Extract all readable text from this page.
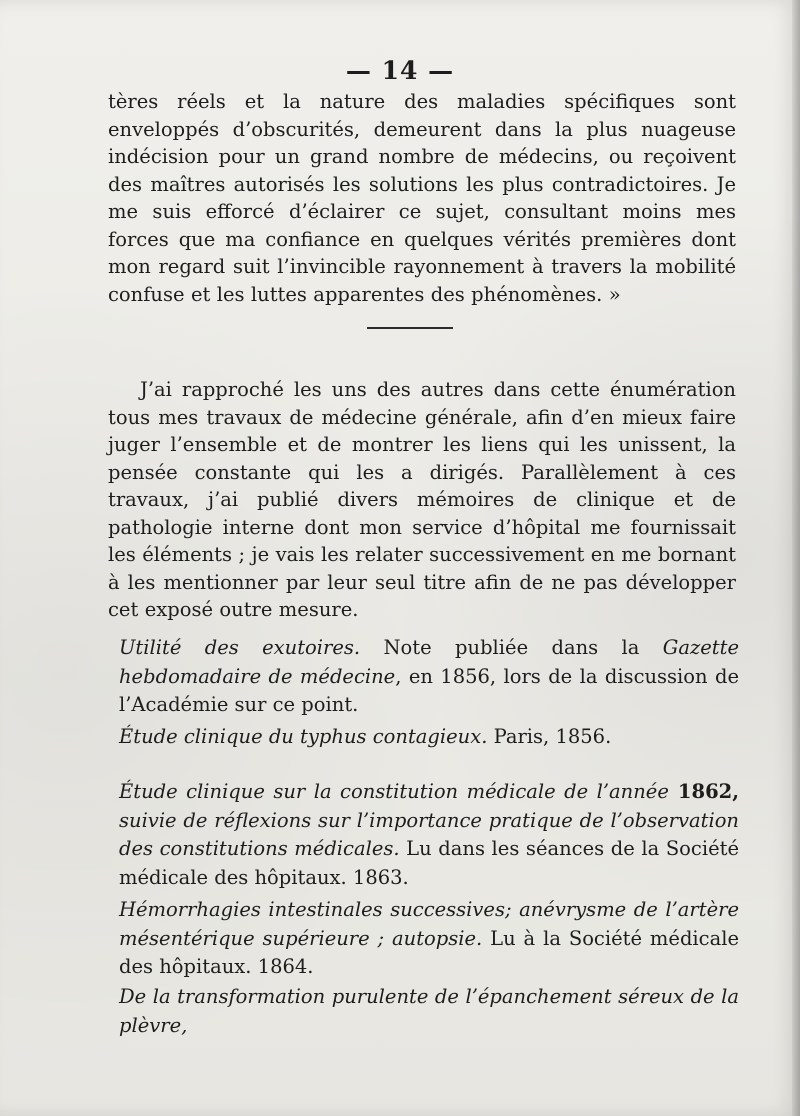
— 14 —

tères réels et la nature des maladies spécifiques sont enveloppés d’obscurités, demeurent dans la plus nuageuse indécision pour un grand nombre de médecins, ou reçoivent des maîtres autorisés les solutions les plus contradictoires. Je me suis efforcé d’éclairer ce sujet, consultant moins mes forces que ma confiance en quelques vérités premières dont mon regard suit l’invincible rayonnement à travers la mobilité confuse et les luttes apparentes des phénomènes. »

J’ai rapproché les uns des autres dans cette énumération tous mes travaux de médecine générale, afin d’en mieux faire juger l’ensemble et de montrer les liens qui les unissent, la pensée constante qui les a dirigés. Parallèlement à ces travaux, j’ai publié divers mémoires de clinique et de pathologie interne dont mon service d’hôpital me fournissait les éléments ; je vais les relater successivement en me bornant à les mentionner par leur seul titre afin de ne pas développer cet exposé outre mesure.

Utilité des exutoires. Note publiée dans la Gazette hebdomadaire de médecine, en 1856, lors de la discussion de l’Académie sur ce point.
Étude clinique du typhus contagieux. Paris, 1856.
Étude clinique sur la constitution médicale de l’année 1862, suivie de réflexions sur l’importance pratique de l’observation des constitutions médicales. Lu dans les séances de la Société médicale des hôpitaux. 1863.
Hémorrhagies intestinales successives; anévrysme de l’artère mésentérique supérieure ; autopsie. Lu à la Société médicale des hôpitaux. 1864.
De la transformation purulente de l’épanchement séreux de la plèvre,
